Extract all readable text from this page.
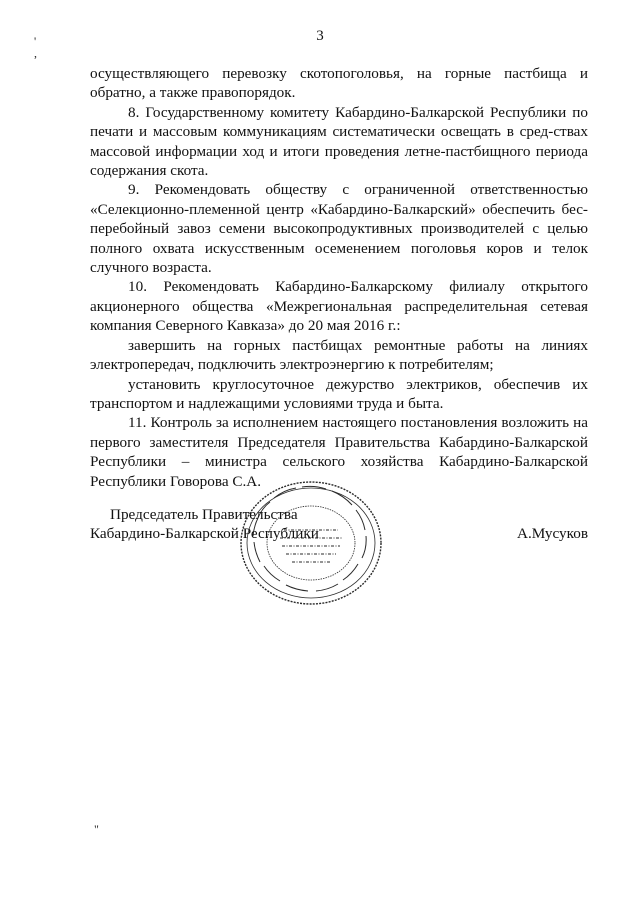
3
'
,
"

осуществляющего перевозку скотопоголовья, на горные пастбища и обратно, а также правопорядок.

8. Государственному комитету Кабардино-Балкарской Республики по печати и массовым коммуникациям систематически освещать в сред-ствах массовой информации ход и итоги проведения летне-пастбищного периода содержания скота.

9. Рекомендовать обществу с ограниченной ответственностью «Селекционно-племенной центр «Кабардино-Балкарский» обеспечить бес-перебойный завоз семени высокопродуктивных производителей с целью полного охвата искусственным осеменением поголовья коров и телок случного возраста.

10. Рекомендовать Кабардино-Балкарскому филиалу открытого акционерного общества «Межрегиональная распределительная сетевая компания Северного Кавказа» до 20 мая 2016 г.:

завершить на горных пастбищах ремонтные работы на линиях электропередач, подключить электроэнергию к потребителям;

установить круглосуточное дежурство электриков, обеспечив их транспортом и надлежащими условиями труда и быта.

11. Контроль за исполнением настоящего постановления возложить на первого заместителя Председателя Правительства Кабардино-Балкарской Республики – министра сельского хозяйства Кабардино-Балкарской Республики Говорова С.А.

Председатель Правительства
Кабардино-Балкарской Республики	А.Мусуков
